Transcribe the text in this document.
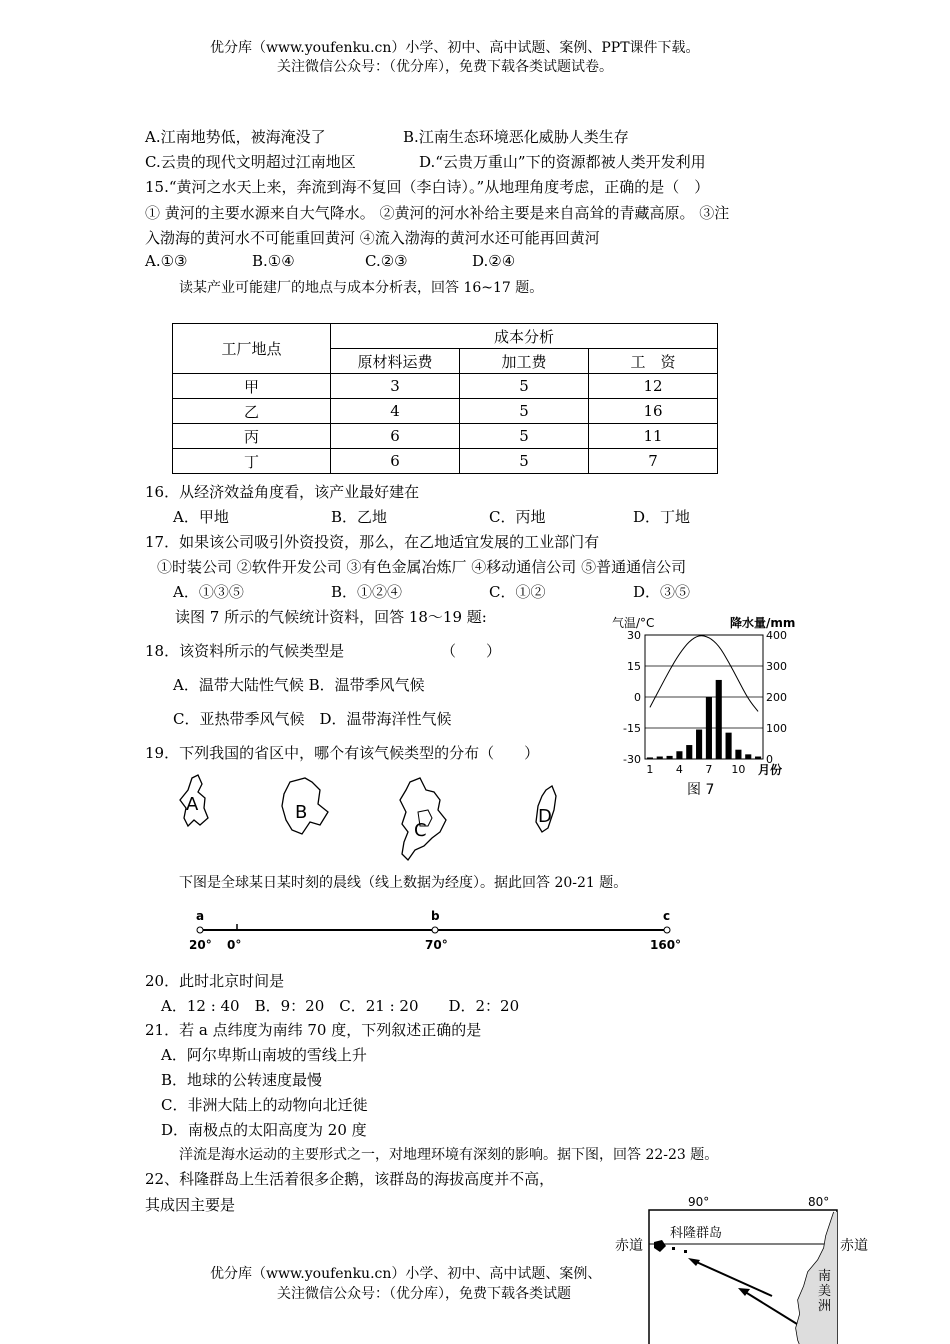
优分库（www.youfenku.cn）小学、初中、高中试题、案例、PPT课件下载。
关注微信公众号：（优分库），免费下载各类试题试卷。
A.江南地势低，被海淹没了	B.江南生态环境恶化威胁人类生存
C.云贵的现代文明超过江南地区	D.“云贵万重山”下的资源都被人类开发利用
15.“黄河之水天上来，奔流到海不复回（李白诗）。”从地理角度考虑，正确的是（　）
① 黄河的主要水源来自大气降水。 ②黄河的河水补给主要是来自高耸的青藏高原。 ③注
入渤海的黄河水不可能重回黄河 ④流入渤海的黄河水还可能再回黄河
A.①③	B.①④	C.②③	D.②④
读某产业可能建厂的地点与成本分析表，回答 16~17 题。
工厂地点	成本分析		
	原材料运费	加工费	工　资
甲	3	5	12
乙	4	5	16
丙	6	5	11
丁	6	5	7
16．从经济效益角度看，该产业最好建在
A．甲地	B．乙地	C．丙地	D．丁地
17．如果该公司吸引外资投资，那么，在乙地适宜发展的工业部门有
①时装公司 ②软件开发公司 ③有色金属冶炼厂 ④移动通信公司 ⑤普通通信公司
A．①③⑤	B．①②④	C．①②	D．③⑤
读图 7 所示的气候统计资料，回答 18～19 题:
18．该资料所示的气候类型是	（　　）
A．温带大陆性气候 B．温带季风气候
C．亚热带季风气候　D．温带海洋性气候
19．下列我国的省区中，哪个有该气候类型的分布（　　）
气温/°C	降水量/mm
30
15
0
-15
-30
400
300
200
100
0
1 4 7 10 月份
图 7
A	B
C
D
下图是全球某日某时刻的晨线（线上数据为经度）。据此回答 20-21 题。
a	b	c
20° 0°	70°	160°
20．此时北京时间是
A．12 : 40　B．9：20　C．21 : 20　　D．2：20
21．若 a 点纬度为南纬 70 度，下列叙述正确的是
A．阿尔卑斯山南坡的雪线上升
B．地球的公转速度最慢
C．非洲大陆上的动物向北迁徙
D．南极点的太阳高度为 20 度
洋流是海水运动的主要形式之一，对地理环境有深刻的影响。据下图，回答 22-23 题。
22、科隆群岛上生活着很多企鹅，该群岛的海拔高度并不高，
其成因主要是	90°	80°
赤道	赤道
科隆群岛
南
美
洲
优分库（www.youfenku.cn）小学、初中、高中试题、案例、
关注微信公众号：（优分库），免费下载各类试题
